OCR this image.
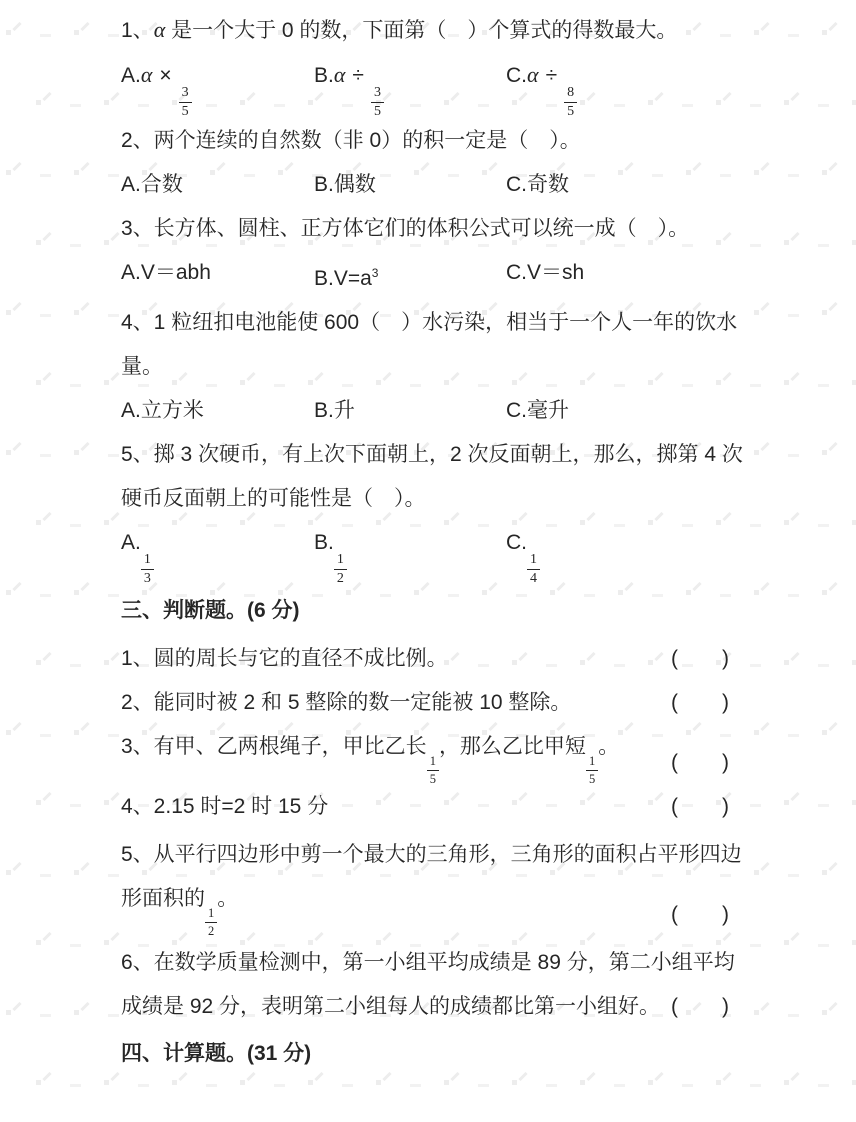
1、α 是一个大于 0 的数，下面第（　）个算式的得数最大。

A.α ×
$\frac{3}{5}$
B.α ÷
$\frac{3}{5}$
C.α ÷
$\frac{8}{5}$

2、两个连续的自然数（非 0）的积一定是（　）。

A.合数	B.偶数	C.奇数

3、长方体、圆柱、正方体它们的体积公式可以统一成（　）。

A.V＝abh	$B.V=a^3$	C.V＝sh

4、1 粒纽扣电池能使 600（　）水污染，相当于一个人一年的饮水量。

A.立方米	B.升	C.毫升

5、掷 3 次硬币，有上次下面朝上，2 次反面朝上，那么，掷第 4 次硬币反面朝上的可能性是（　）。

A.
$\frac{1}{3}$
B.
$\frac{1}{2}$
C.
$\frac{1}{4}$

三、判断题。(6 分)

1、圆的周长与它的直径不成比例。	( )
2、能同时被 2 和 5 整除的数一定能被 10 整除。	( )
3、有甲、乙两根绳子，甲比乙长
$\frac{1}{5}$
，那么乙比甲短
$\frac{1}{5}$
。
( )
4、2.15 时=2 时 15 分	( )
5、从平行四边形中剪一个最大的三角形，三角形的面积占平形四边形面积的
$\frac{1}{2}$
。
( )
6、在数学质量检测中，第一小组平均成绩是 89 分，第二小组平均成绩是 92 分，表明第二小组每人的成绩都比第一小组好。 ( )

四、计算题。(31 分)
